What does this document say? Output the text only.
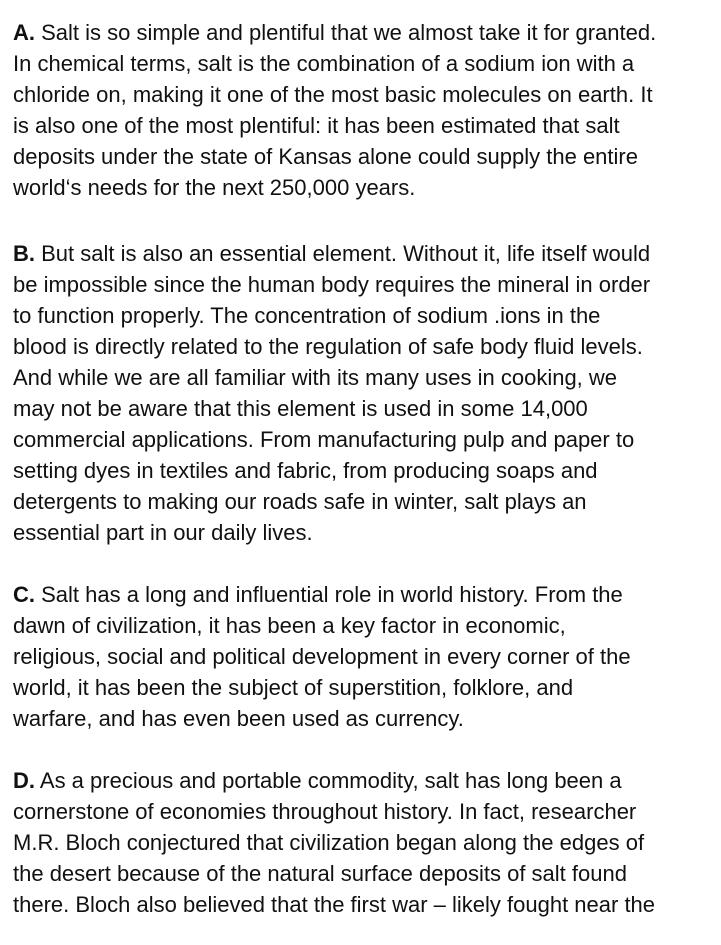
A. Salt is so simple and plentiful that we almost take it for granted.
In chemical terms, salt is the combination of a sodium ion with a
chloride on, making it one of the most basic molecules on earth. It
is also one of the most plentiful: it has been estimated that salt
deposits under the state of Kansas alone could supply the entire
world‘s needs for the next 250,000 years.
B. But salt is also an essential element. Without it, life itself would
be impossible since the human body requires the mineral in order
to function properly. The concentration of sodium .ions in the
blood is directly related to the regulation of safe body fluid levels.
And while we are all familiar with its many uses in cooking, we
may not be aware that this element is used in some 14,000
commercial applications. From manufacturing pulp and paper to
setting dyes in textiles and fabric, from producing soaps and
detergents to making our roads safe in winter, salt plays an
essential part in our daily lives.
C. Salt has a long and influential role in world history. From the
dawn of civilization, it has been a key factor in economic,
religious, social and political development in every corner of the
world, it has been the subject of superstition, folklore, and
warfare, and has even been used as currency.
D. As a precious and portable commodity, salt has long been a
cornerstone of economies throughout history. In fact, researcher
M.R. Bloch conjectured that civilization began along the edges of
the desert because of the natural surface deposits of salt found
there. Bloch also believed that the first war – likely fought near the
